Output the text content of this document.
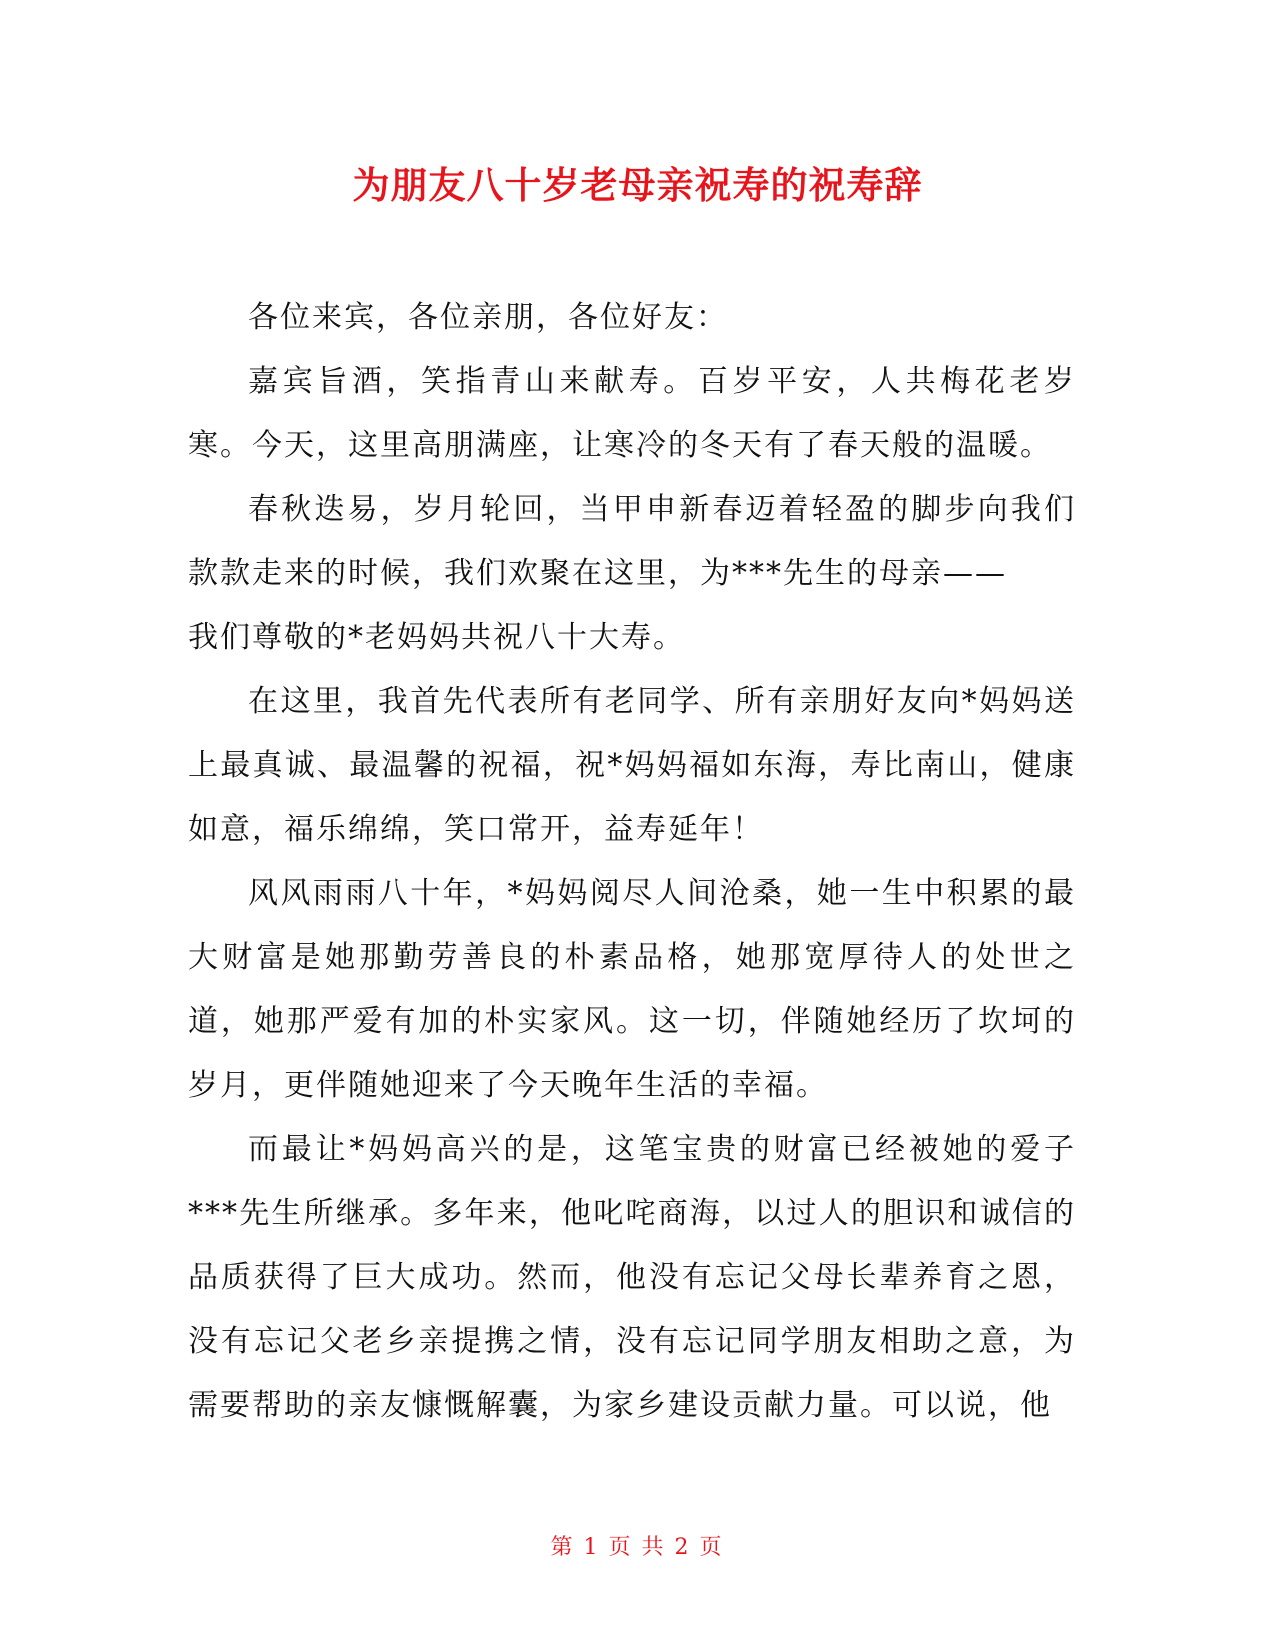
为朋友八十岁老母亲祝寿的祝寿辞

各位来宾，各位亲朋，各位好友：

嘉宾旨酒，笑指青山来献寿。百岁平安，人共梅花老岁寒。今天，这里高朋满座，让寒冷的冬天有了春天般的温暖。

春秋迭易，岁月轮回，当甲申新春迈着轻盈的脚步向我们款款走来的时候，我们欢聚在这里，为***先生的母亲——

我们尊敬的*老妈妈共祝八十大寿。

在这里，我首先代表所有老同学、所有亲朋好友向*妈妈送上最真诚、最温馨的祝福，祝*妈妈福如东海，寿比南山，健康如意，福乐绵绵，笑口常开，益寿延年！

风风雨雨八十年，*妈妈阅尽人间沧桑，她一生中积累的最大财富是她那勤劳善良的朴素品格，她那宽厚待人的处世之道，她那严爱有加的朴实家风。这一切，伴随她经历了坎坷的岁月，更伴随她迎来了今天晚年生活的幸福。

而最让*妈妈高兴的是，这笔宝贵的财富已经被她的爱子***先生所继承。多年来，他叱咤商海，以过人的胆识和诚信的品质获得了巨大成功。然而，他没有忘记父母长辈养育之恩，没有忘记父老乡亲提携之情，没有忘记同学朋友相助之意，为需要帮助的亲友慷慨解囊，为家乡建设贡献力量。可以说，他

第 1 页 共 2 页
